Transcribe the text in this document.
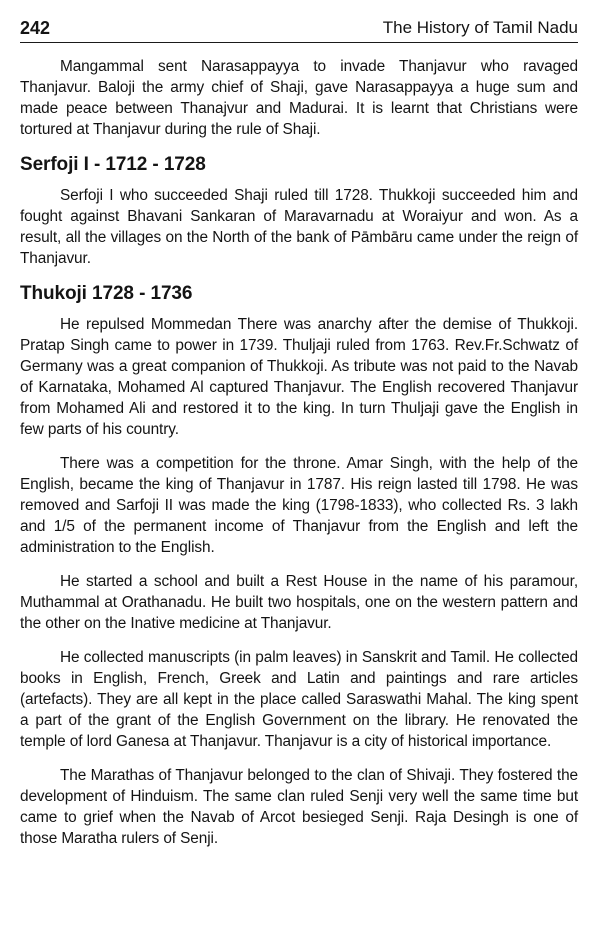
242	The History of Tamil Nadu

Mangammal sent Narasappayya to invade Thanjavur who ravaged Thanjavur. Baloji the army chief of Shaji, gave Narasappayya a huge sum and made peace between Thanajvur and Madurai. It is learnt that Christians were tortured at Thanjavur during the rule of Shaji.

Serfoji I - 1712 - 1728

Serfoji I who succeeded Shaji ruled till 1728. Thukkoji succeeded him and fought against Bhavani Sankaran of Maravarnadu at Woraiyur and won. As a result, all the villages on the North of the bank of Pāmbāru came under the reign of Thanjavur.

Thukoji 1728 - 1736

He repulsed Mommedan There was anarchy after the demise of Thukkoji. Pratap Singh came to power in 1739. Thuljaji ruled from 1763. Rev.Fr.Schwatz of Germany was a great companion of Thukkoji. As tribute was not paid to the Navab of Karnataka, Mohamed Al captured Thanjavur. The English recovered Thanjavur from Mohamed Ali and restored it to the king. In turn Thuljaji gave the English in few parts of his country.

There was a competition for the throne. Amar Singh, with the help of the English, became the king of Thanjavur in 1787. His reign lasted till 1798. He was removed and Sarfoji II was made the king (1798-1833), who collected Rs. 3 lakh and 1/5 of the permanent income of Thanjavur from the English and left the administration to the English.

He started a school and built a Rest House in the name of his paramour, Muthammal at Orathanadu. He built two hospitals, one on the western pattern and the other on the Inative medicine at Thanjavur.

He collected manuscripts (in palm leaves) in Sanskrit and Tamil. He collected books in English, French, Greek and Latin and paintings and rare articles (artefacts). They are all kept in the place called Saraswathi Mahal. The king spent a part of the grant of the English Government on the library. He renovated the temple of lord Ganesa at Thanjavur. Thanjavur is a city of historical importance.

The Marathas of Thanjavur belonged to the clan of Shivaji. They fostered the development of Hinduism. The same clan ruled Senji very well the same time but came to grief when the Navab of Arcot besieged Senji. Raja Desingh is one of those Maratha rulers of Senji.
